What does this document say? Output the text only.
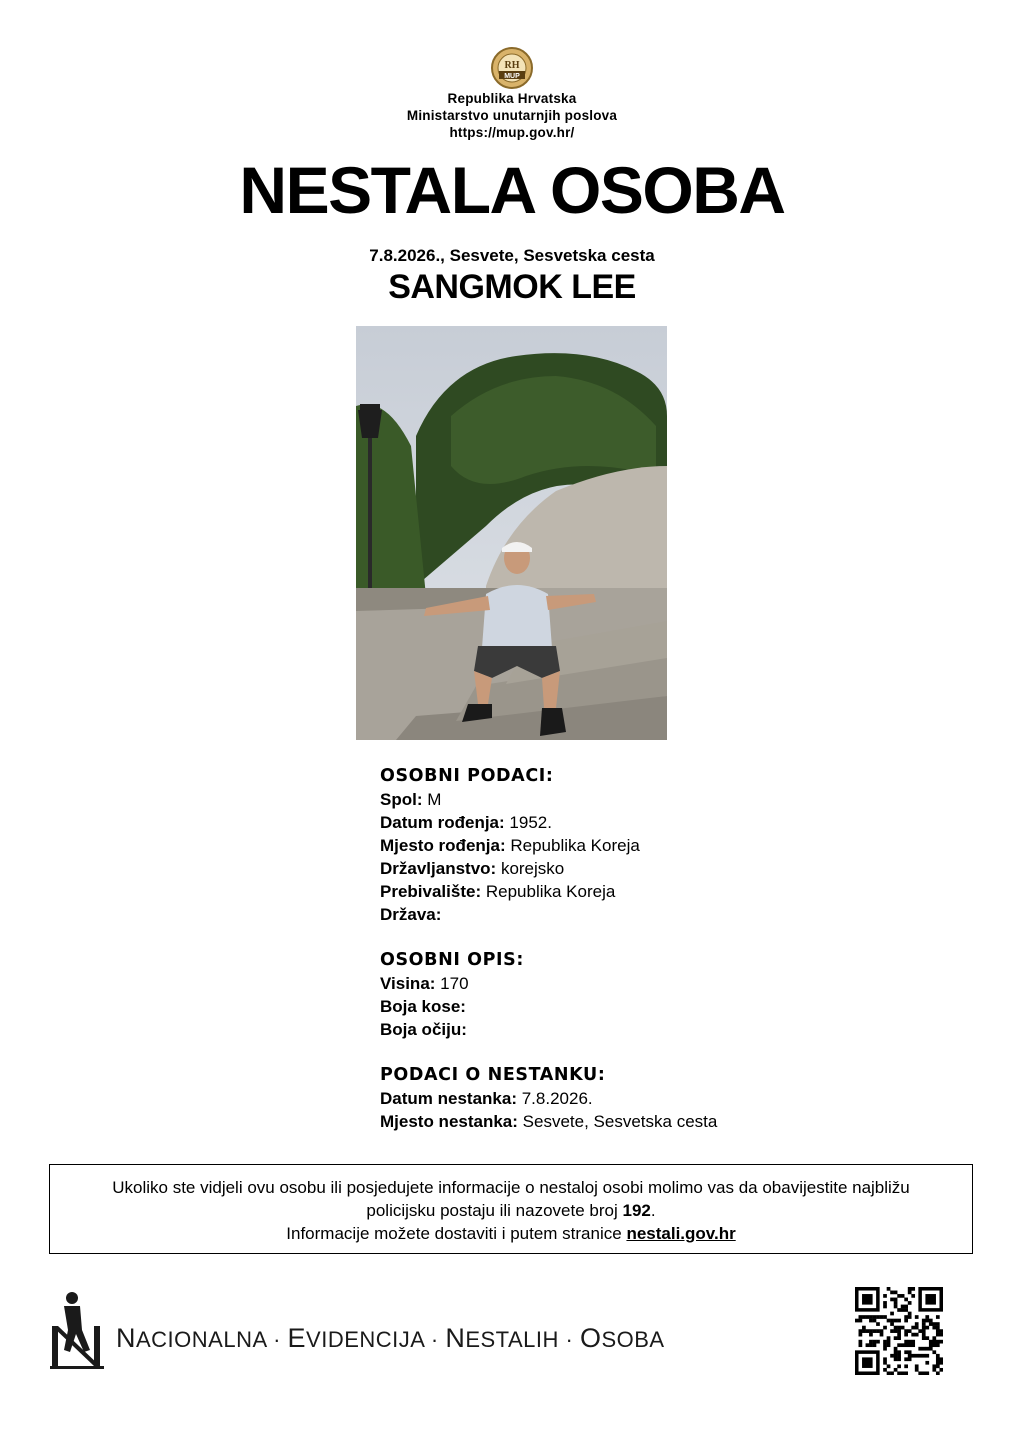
RH
MUP
Republika Hrvatska
Ministarstvo unutarnjih poslova
https://mup.gov.hr/
NESTALA OSOBA
7.8.2026., Sesvete, Sesvetska cesta
SANGMOK LEE
OSOBNI PODACI:
Spol: M
Datum rođenja: 1952.
Mjesto rođenja: Republika Koreja
Državljanstvo: korejsko
Prebivalište: Republika Koreja
Država:
OSOBNI OPIS:
Visina: 170
Boja kose:
Boja očiju:
PODACI O NESTANKU:
Datum nestanka: 7.8.2026.
Mjesto nestanka: Sesvete, Sesvetska cesta
Ukoliko ste vidjeli ovu osobu ili posjedujete informacije o nestaloj osobi molimo vas da obavijestite najbližu policijsku postaju ili nazovete broj 192.
Informacije možete dostaviti i putem stranice nestali.gov.hr
NACIONALNA · EVIDENCIJA · NESTALIH · OSOBA
